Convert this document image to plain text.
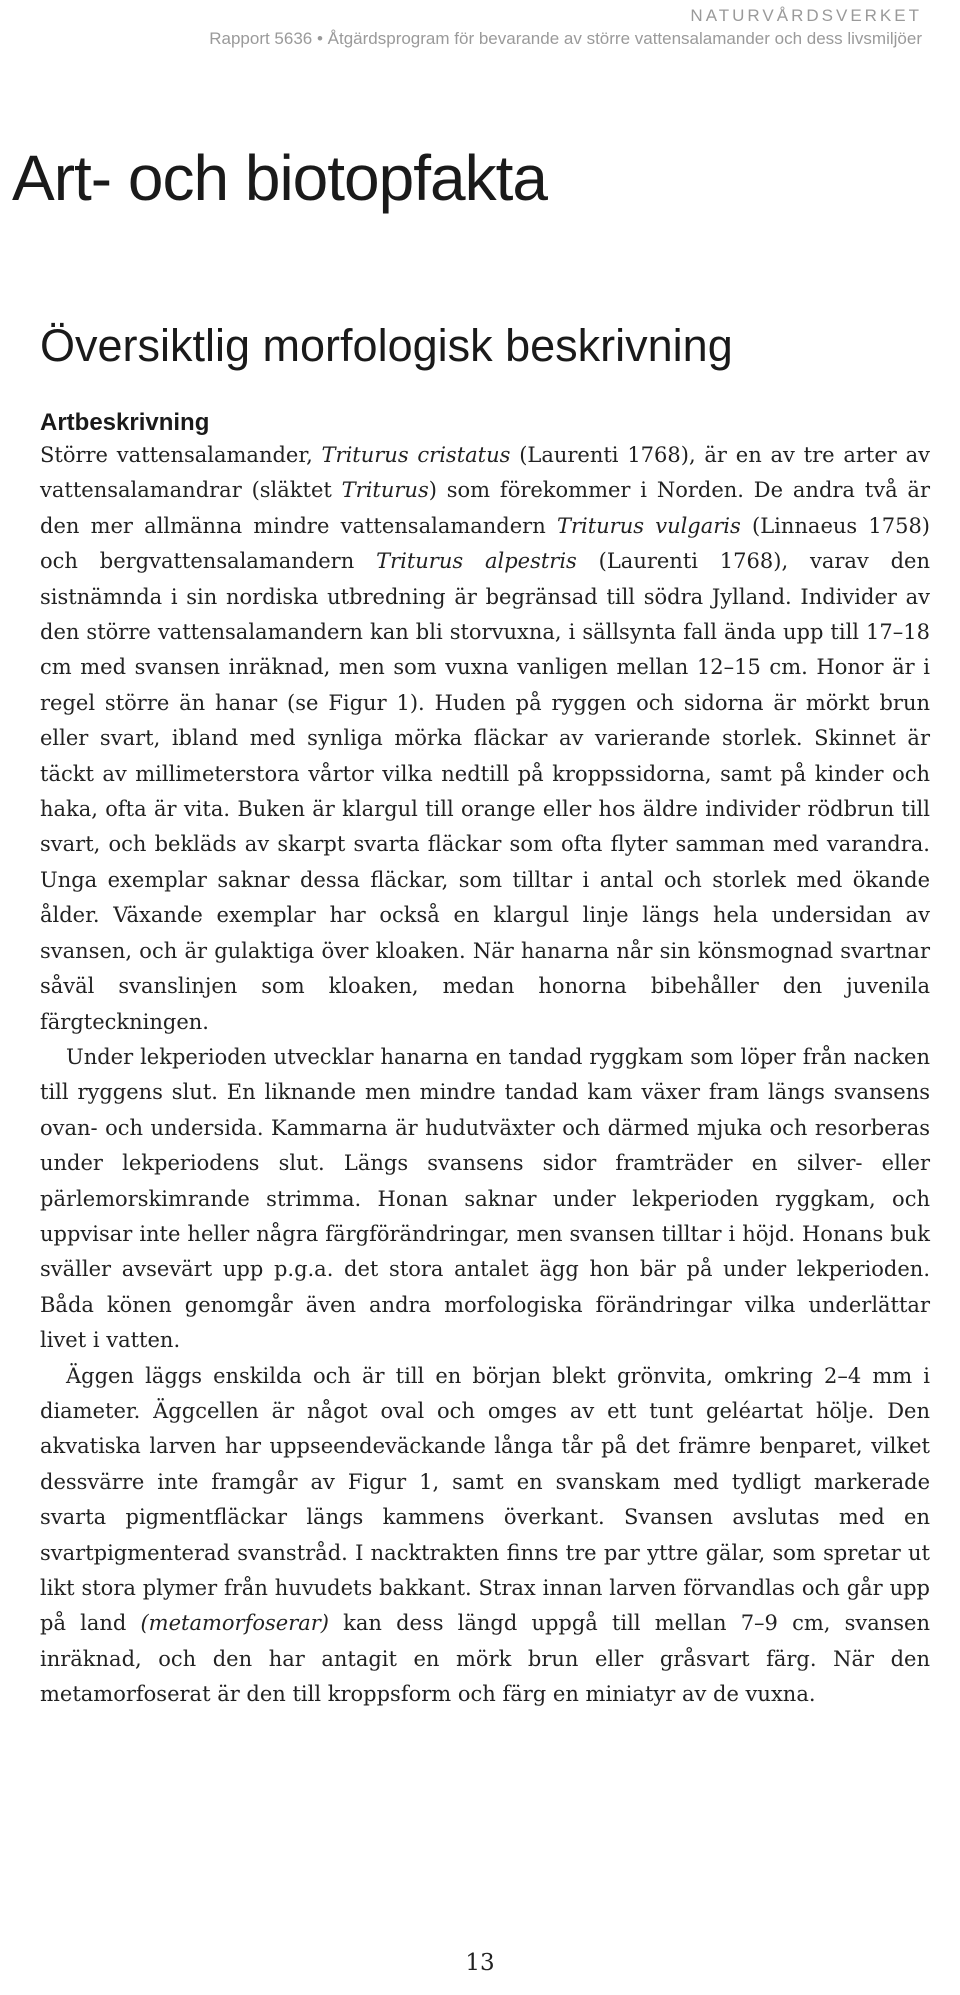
NATURVÅRDSVERKET
Rapport 5636 • Åtgärdsprogram för bevarande av större vattensalamander och dess livsmiljöer
Art- och biotopfakta
Översiktlig morfologisk beskrivning
Artbeskrivning

Större vattensalamander, Triturus cristatus (Laurenti 1768), är en av tre arter av vattensalamandrar (släktet Triturus) som förekommer i Norden. De andra två är den mer allmänna mindre vattensalamandern Triturus vulgaris (Linnaeus 1758) och bergvattensalamandern Triturus alpestris (Laurenti 1768), varav den sistnämnda i sin nordiska utbredning är begränsad till södra Jylland. Individer av den större vattensalamandern kan bli storvuxna, i sällsynta fall ända upp till 17–18 cm med svansen inräknad, men som vuxna vanligen mellan 12–15 cm. Honor är i regel större än hanar (se Figur 1). Huden på ryggen och sidorna är mörkt brun eller svart, ibland med synliga mörka fläckar av varierande storlek. Skinnet är täckt av millimeterstora vårtor vilka nedtill på kroppssidorna, samt på kinder och haka, ofta är vita. Buken är klargul till orange eller hos äldre individer rödbrun till svart, och bekläds av skarpt svarta fläckar som ofta flyter samman med varandra. Unga exemplar saknar dessa fläckar, som tilltar i antal och storlek med ökande ålder. Växande exemplar har också en klargul linje längs hela undersidan av svansen, och är gulaktiga över kloaken. När hanarna når sin könsmognad svartnar såväl svanslinjen som kloaken, medan honorna bibehåller den juvenila färgteckningen.

Under lekperioden utvecklar hanarna en tandad ryggkam som löper från nacken till ryggens slut. En liknande men mindre tandad kam växer fram längs svansens ovan- och undersida. Kammarna är hudutväxter och därmed mjuka och resorberas under lekperiodens slut. Längs svansens sidor framträder en silver- eller pärlemorskimrande strimma. Honan saknar under lekperioden ryggkam, och uppvisar inte heller några färgförändringar, men svansen tilltar i höjd. Honans buk sväller avsevärt upp p.g.a. det stora antalet ägg hon bär på under lekperioden. Båda könen genomgår även andra morfologiska förändringar vilka underlättar livet i vatten.

Äggen läggs enskilda och är till en början blekt grönvita, omkring 2–4 mm i diameter. Äggcellen är något oval och omges av ett tunt geléartat hölje. Den akvatiska larven har uppseendeväckande långa tår på det främre benparet, vilket dessvärre inte framgår av Figur 1, samt en svanskam med tydligt markerade svarta pigmentfläckar längs kammens överkant. Svansen avslutas med en svartpigmenterad svanstråd. I nacktrakten finns tre par yttre gälar, som spretar ut likt stora plymer från huvudets bakkant. Strax innan larven förvandlas och går upp på land (metamorfoserar) kan dess längd uppgå till mellan 7–9 cm, svansen inräknad, och den har antagit en mörk brun eller gråsvart färg. När den metamorfoserat är den till kroppsform och färg en miniatyr av de vuxna.

13
